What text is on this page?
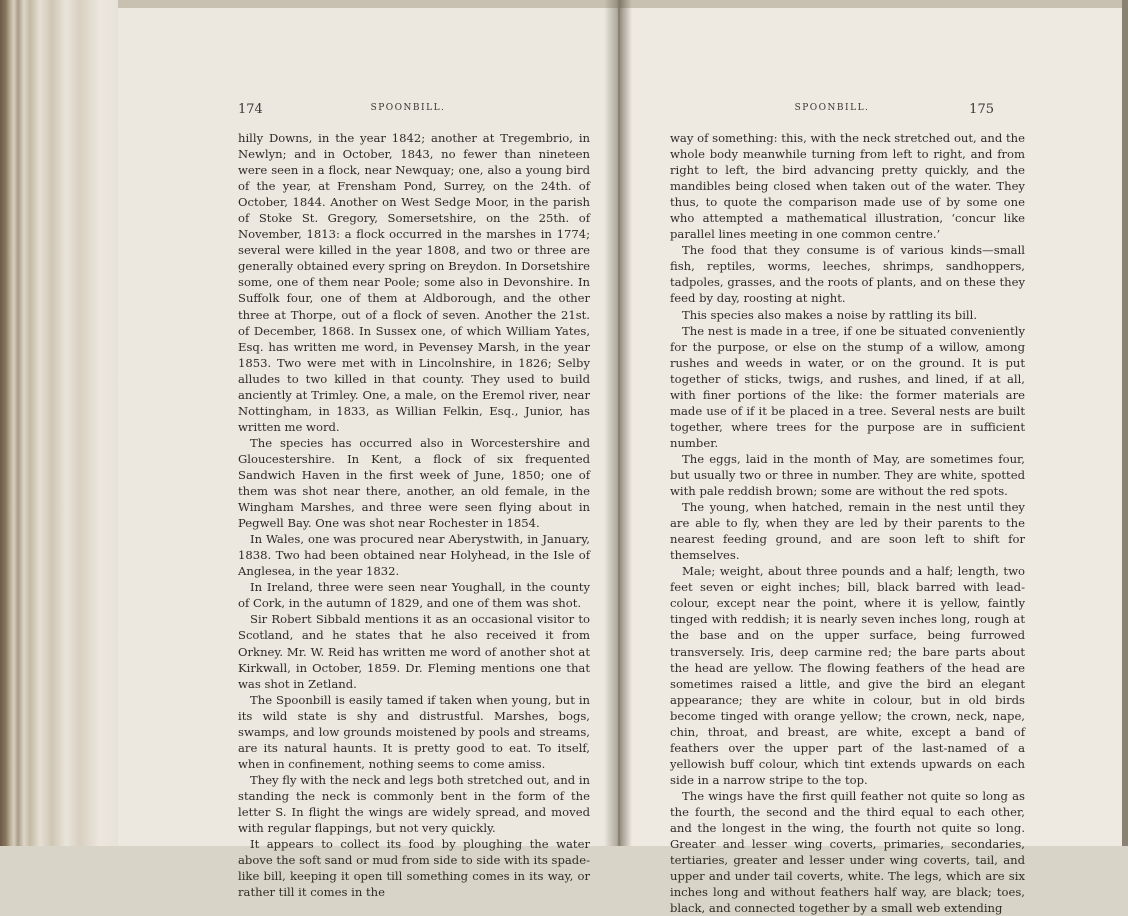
174	SPOONBILL.

hilly Downs, in the year 1842; another at Tregembrio, in Newlyn; and in October, 1843, no fewer than nineteen were seen in a flock, near Newquay; one, also a young bird of the year, at Frensham Pond, Surrey, on the 24th. of October, 1844. Another on West Sedge Moor, in the parish of Stoke St. Gregory, Somersetshire, on the 25th. of November, 1813: a flock occurred in the marshes in 1774; several were killed in the year 1808, and two or three are generally obtained every spring on Breydon. In Dorsetshire some, one of them near Poole; some also in Devonshire. In Suffolk four, one of them at Aldborough, and the other three at Thorpe, out of a flock of seven. Another the 21st. of December, 1868. In Sussex one, of which William Yates, Esq. has written me word, in Pevensey Marsh, in the year 1853. Two were met with in Lincolnshire, in 1826; Selby alludes to two killed in that county. They used to build anciently at Trimley. One, a male, on the Eremol river, near Nottingham, in 1833, as Willian Felkin, Esq., Junior, has written me word.

The species has occurred also in Worcestershire and Gloucestershire. In Kent, a flock of six frequented Sandwich Haven in the first week of June, 1850; one of them was shot near there, another, an old female, in the Wingham Marshes, and three were seen flying about in Pegwell Bay. One was shot near Rochester in 1854.

In Wales, one was procured near Aberystwith, in January, 1838. Two had been obtained near Holyhead, in the Isle of Anglesea, in the year 1832.

In Ireland, three were seen near Youghall, in the county of Cork, in the autumn of 1829, and one of them was shot.

Sir Robert Sibbald mentions it as an occasional visitor to Scotland, and he states that he also received it from Orkney. Mr. W. Reid has written me word of another shot at Kirkwall, in October, 1859. Dr. Fleming mentions one that was shot in Zetland.

The Spoonbill is easily tamed if taken when young, but in its wild state is shy and distrustful. Marshes, bogs, swamps, and low grounds moistened by pools and streams, are its natural haunts. It is pretty good to eat. To itself, when in confinement, nothing seems to come amiss.

They fly with the neck and legs both stretched out, and in standing the neck is commonly bent in the form of the letter S. In flight the wings are widely spread, and moved with regular flappings, but not very quickly.

It appears to collect its food by ploughing the water above the soft sand or mud from side to side with its spade-like bill, keeping it open till something comes in its way, or rather till it comes in the

SPOONBILL.	175

way of something: this, with the neck stretched out, and the whole body meanwhile turning from left to right, and from right to left, the bird advancing pretty quickly, and the mandibles being closed when taken out of the water. They thus, to quote the comparison made use of by some one who attempted a mathematical illustration, ‘concur like parallel lines meeting in one common centre.’

The food that they consume is of various kinds—small fish, reptiles, worms, leeches, shrimps, sandhoppers, tadpoles, grasses, and the roots of plants, and on these they feed by day, roosting at night.

This species also makes a noise by rattling its bill.

The nest is made in a tree, if one be situated conveniently for the purpose, or else on the stump of a willow, among rushes and weeds in water, or on the ground. It is put together of sticks, twigs, and rushes, and lined, if at all, with finer portions of the like: the former materials are made use of if it be placed in a tree. Several nests are built together, where trees for the purpose are in sufficient number.

The eggs, laid in the month of May, are sometimes four, but usually two or three in number. They are white, spotted with pale reddish brown; some are without the red spots.

The young, when hatched, remain in the nest until they are able to fly, when they are led by their parents to the nearest feeding ground, and are soon left to shift for themselves.

Male; weight, about three pounds and a half; length, two feet seven or eight inches; bill, black barred with lead-colour, except near the point, where it is yellow, faintly tinged with reddish; it is nearly seven inches long, rough at the base and on the upper surface, being furrowed transversely. Iris, deep carmine red; the bare parts about the head are yellow. The flowing feathers of the head are sometimes raised a little, and give the bird an elegant appearance; they are white in colour, but in old birds become tinged with orange yellow; the crown, neck, nape, chin, throat, and breast, are white, except a band of feathers over the upper part of the last-named of a yellowish buff colour, which tint extends upwards on each side in a narrow stripe to the top.

The wings have the first quill feather not quite so long as the fourth, the second and the third equal to each other, and the longest in the wing, the fourth not quite so long. Greater and lesser wing coverts, primaries, secondaries, tertiaries, greater and lesser under wing coverts, tail, and upper and under tail coverts, white. The legs, which are six inches long and without feathers half way, are black; toes, black, and connected together by a small web extending
